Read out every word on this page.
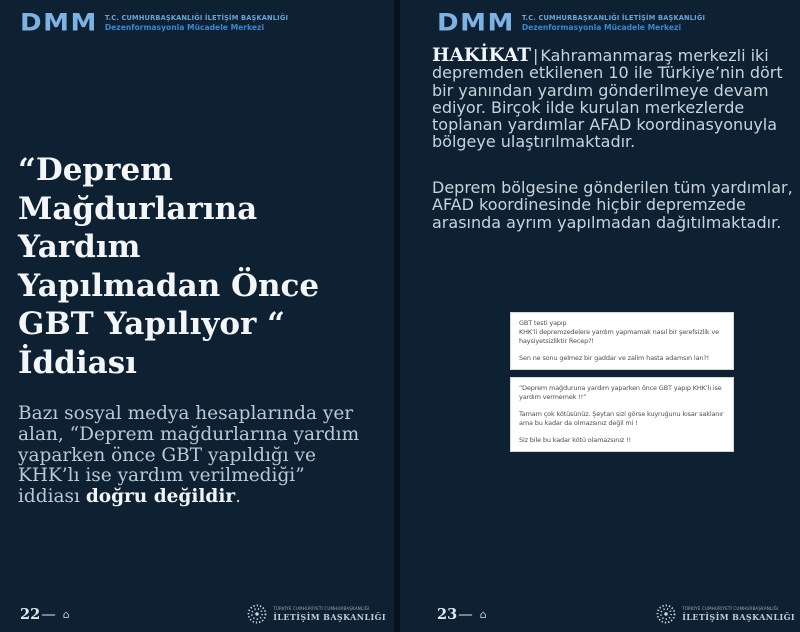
DMM T.C. CUMHURBAŞKANLIĞI İLETİŞİM BAŞKANLIĞI
Dezenformasyonla Mücadele Merkezi
“Deprem
Mağdurlarına
Yardım
Yapılmadan Önce
GBT Yapılıyor “
İddiası

Bazı sosyal medya hesaplarında yer alan, “Deprem mağdurlarına yardım yaparken önce GBT yapıldığı ve KHK’lı ise yardım verilmediği” iddiası doğru değildir.

22 — ⌂	TÜRKİYE CUMHURİYETİ CUMHURBAŞKANLIĞI
İLETİŞİM BAŞKANLIĞI
DMM T.C. CUMHURBAŞKANLIĞI İLETİŞİM BAŞKANLIĞI
Dezenformasyonla Mücadele Merkezi

HAKİKAT | Kahramanmaraş merkezli iki depremden etkilenen 10 ile Türkiye’nin dört bir yanından yardım gönderilmeye devam ediyor. Birçok ilde kurulan merkezlerde toplanan yardımlar AFAD koordinasyonuyla bölgeye ulaştırılmaktadır.

Deprem bölgesine gönderilen tüm yardımlar, AFAD koordinesinde hiçbir depremzede arasında ayrım yapılmadan dağıtılmaktadır.

GBT testi yapıp

KHK’li depremzedelere yardım yapmamak nasıl bir şerefsizlik ve haysiyetsizliktir Recep?!

Sen ne sonu gelmez bir gaddar ve zalim hasta adamsın lan?!

“Deprem mağduruna yardım yaparken önce GBT yapıp KHK’lı ise yardım vermemek !!”

Tamam çok kötüsünüz. Şeytan sizi görse kuyruğunu kısar saklanır ama bu kadar da olmazsınız değil mi !

Siz bile bu kadar kötü olamazsınız !!

23 — ⌂	TÜRKİYE CUMHURİYETİ CUMHURBAŞKANLIĞI
İLETİŞİM BAŞKANLIĞI
